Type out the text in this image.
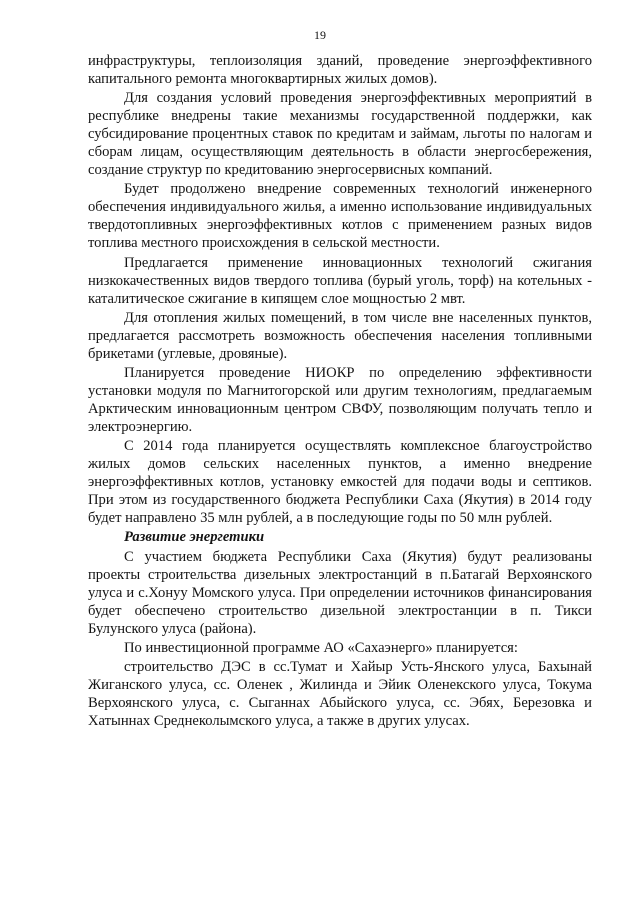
19

инфраструктуры, теплоизоляция зданий, проведение энергоэффективного капитального ремонта многоквартирных жилых домов).

Для создания условий проведения энергоэффективных мероприятий в республике внедрены такие механизмы государственной поддержки, как субсидирование процентных ставок по кредитам и займам, льготы по налогам и сборам лицам, осуществляющим деятельность в области энергосбережения, создание структур по кредитованию энергосервисных компаний.

Будет продолжено внедрение современных технологий инженерного обеспечения индивидуального жилья, а именно использование индивидуальных твердотопливных энергоэффективных котлов с применением разных видов топлива местного происхождения в сельской местности.

Предлагается применение инновационных технологий сжигания низкокачественных видов твердого топлива (бурый уголь, торф) на котельных - каталитическое сжигание в кипящем слое мощностью 2 мвт.

Для отопления жилых помещений, в том числе вне населенных пунктов, предлагается рассмотреть возможность обеспечения населения топливными брикетами (углевые, дровяные).

Планируется проведение НИОКР по определению эффективности установки модуля по Магнитогорской или другим технологиям, предлагаемым Арктическим инновационным центром СВФУ, позволяющим получать тепло и электроэнергию.

С 2014 года планируется осуществлять комплексное благоустройство жилых домов сельских населенных пунктов, а именно внедрение энергоэффективных котлов, установку емкостей для подачи воды и септиков. При этом из государственного бюджета Республики Саха (Якутия) в 2014 году будет направлено 35 млн рублей, а в последующие годы по 50 млн рублей.

Развитие энергетики

С участием бюджета Республики Саха (Якутия) будут реализованы проекты строительства дизельных электростанций в п.Батагай Верхоянского улуса и с.Хонуу Момского улуса. При определении источников финансирования будет обеспечено строительство дизельной электростанции в п. Тикси Булунского улуса (района).

По инвестиционной программе АО «Сахаэнерго» планируется:

строительство ДЭС в сс.Тумат и Хайыр Усть-Янского улуса, Бахынай Жиганского улуса, сс. Оленек , Жилинда и Эйик Оленекского улуса, Токума Верхоянского улуса, с. Сыганнах Абыйского улуса, сс. Эбях, Березовка и Хатыннах Среднеколымского улуса, а также в других улусах.
